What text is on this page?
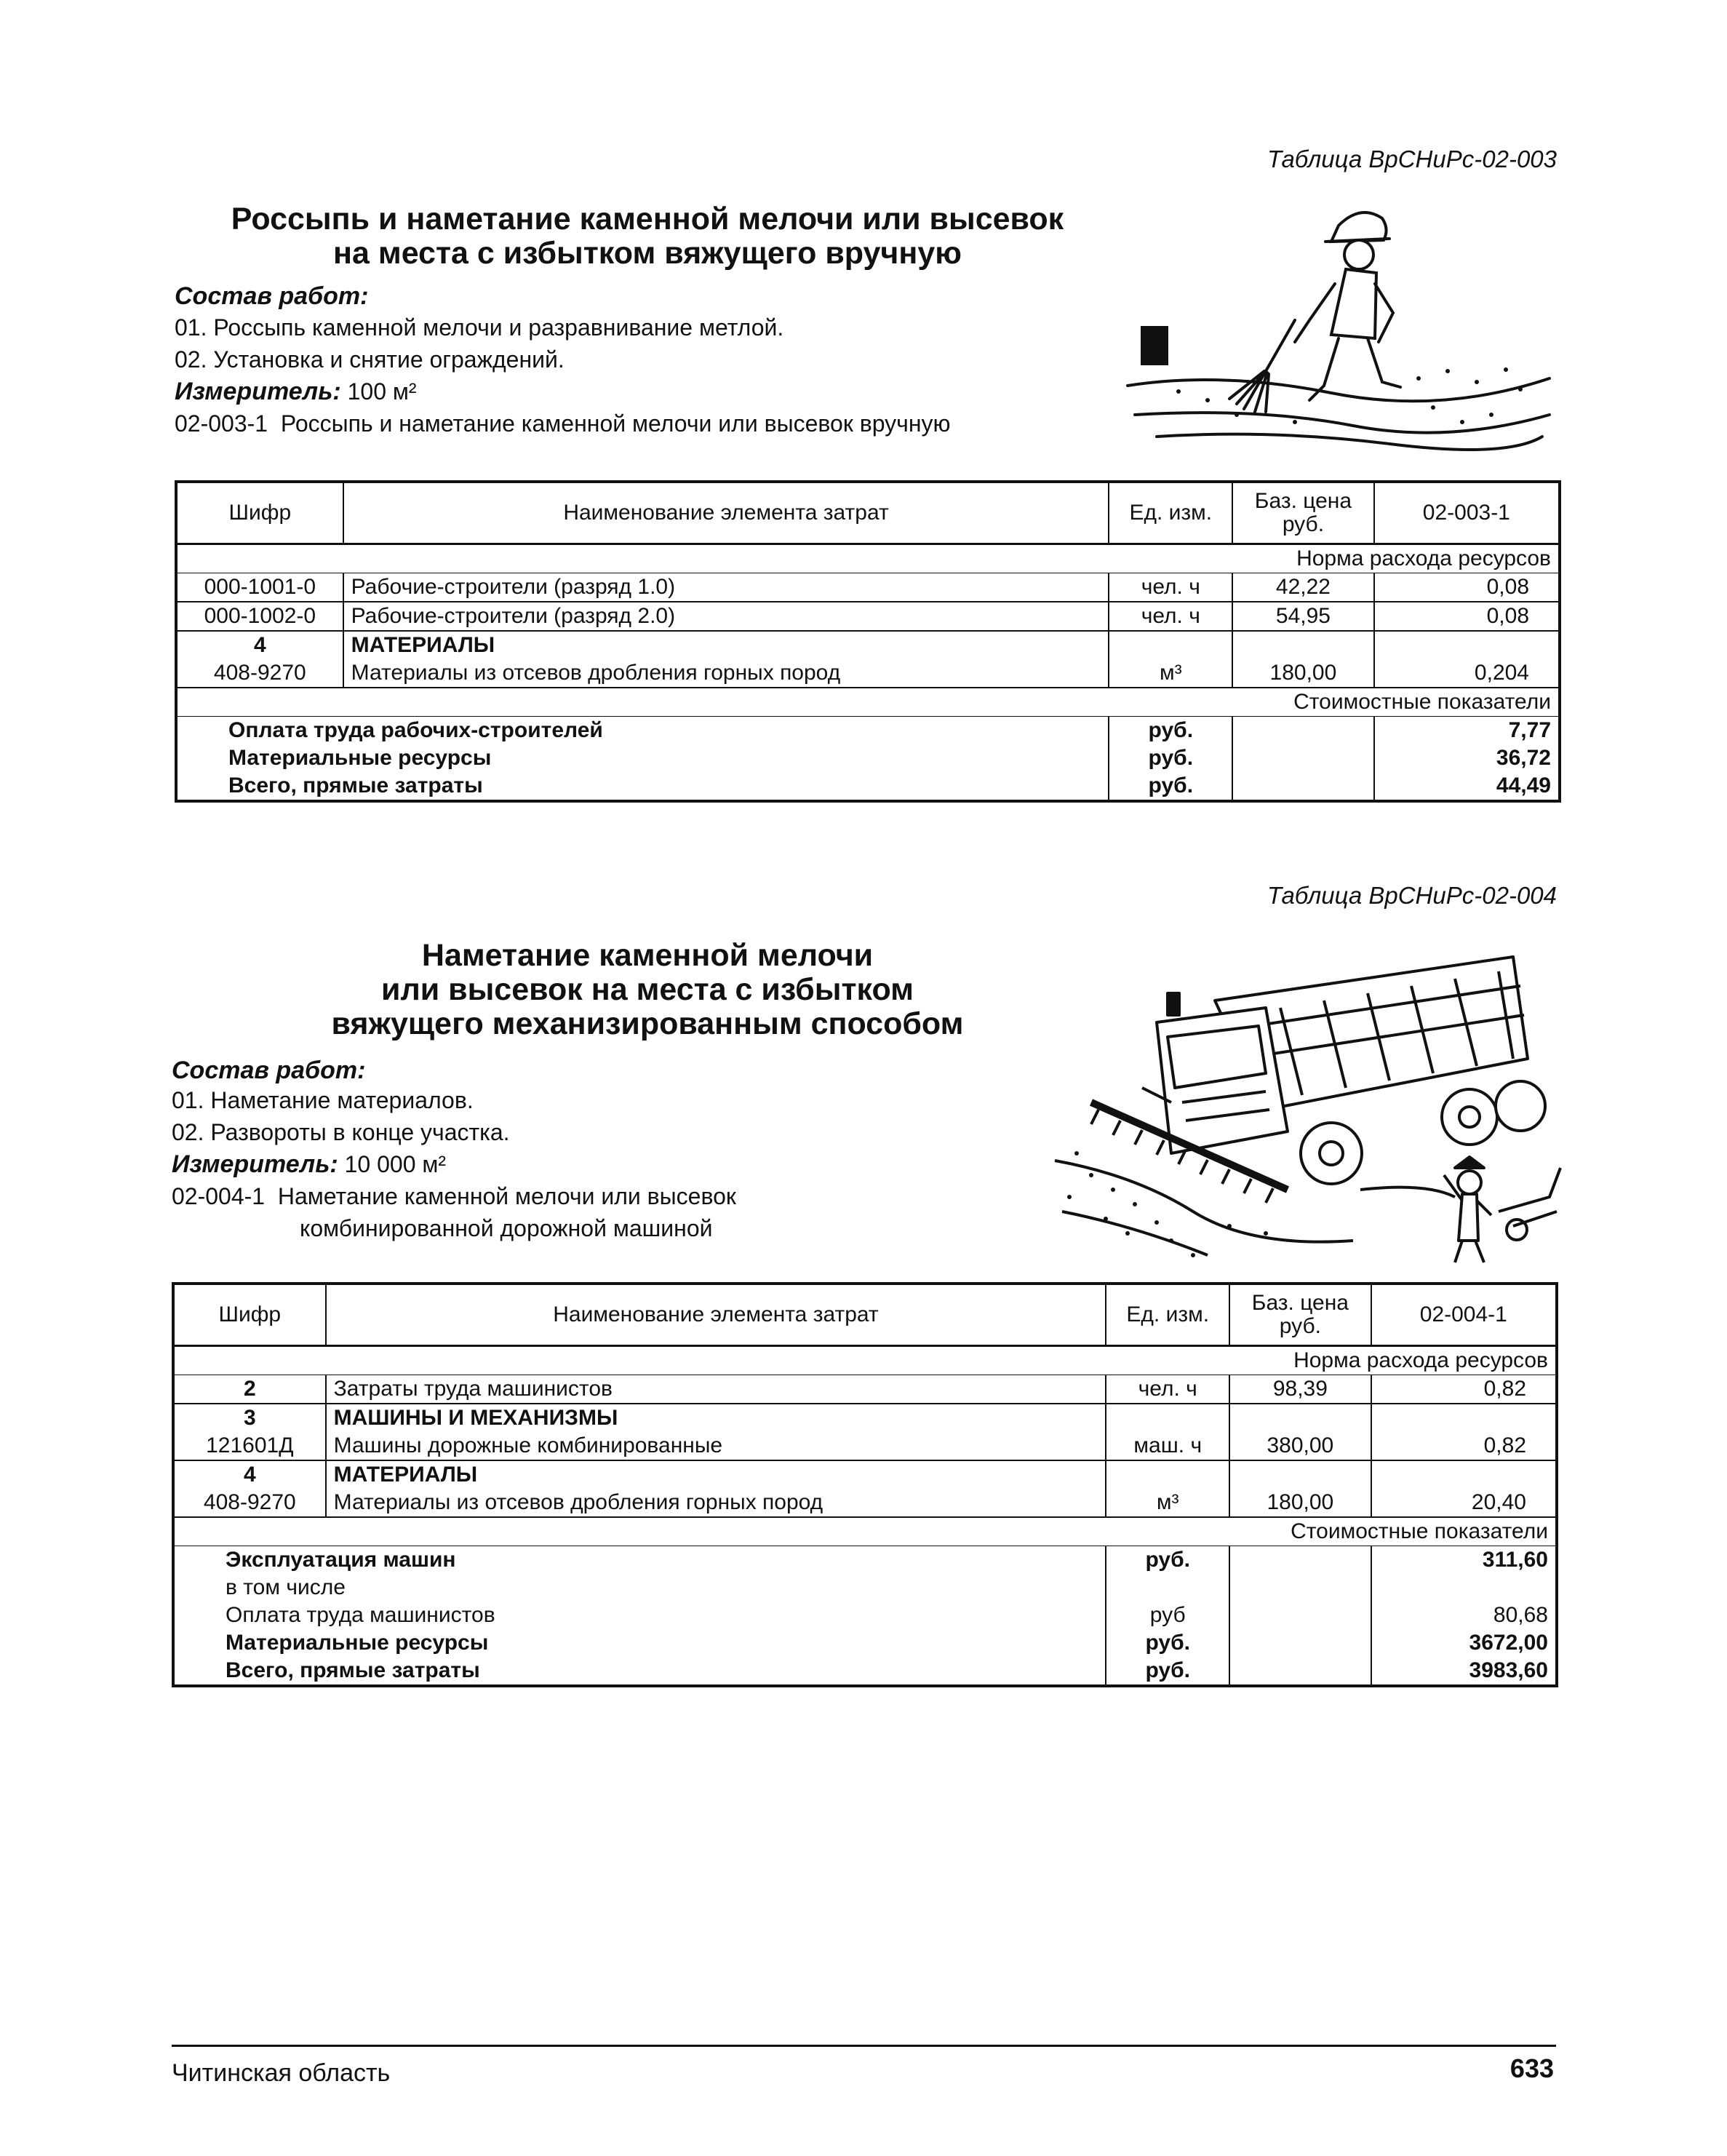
Таблица ВрСНиРс-02-003
Россыпь и наметание каменной мелочи или высевок
на места с избытком вяжущего вручную
Состав работ:
01. Россыпь каменной мелочи и разравнивание метлой.
02. Установка и снятие ограждений.
Измеритель: 100 м²
02-003-1 Россыпь и наметание каменной мелочи или высевок вручную
Шифр	Наименование элемента затрат	Ед. изм.	Баз. цена руб.	02-003-1
Норма расхода ресурсов				
000-1001-0	Рабочие-строители (разряд 1.0)	чел. ч	42,22	0,08
000-1002-0	Рабочие-строители (разряд 2.0)	чел. ч	54,95	0,08
4	МАТЕРИАЛЫ			
408-9270	Материалы из отсевов дробления горных пород	м³	180,00	0,204
Стоимостные показатели				
Оплата труда рабочих-строителей		руб.		7,77
Материальные ресурсы		руб.		36,72
Всего, прямые затраты		руб.		44,49
Таблица ВрСНиРс-02-004
Наметание каменной мелочи
или высевок на места с избытком
вяжущего механизированным способом
Состав работ:
01. Наметание материалов.
02. Развороты в конце участка.
Измеритель: 10 000 м²
02-004-1 Наметание каменной мелочи или высевок
комбинированной дорожной машиной
Шифр	Наименование элемента затрат	Ед. изм.	Баз. цена руб.	02-004-1
Норма расхода ресурсов				
2	Затраты труда машинистов	чел. ч	98,39	0,82
3	МАШИНЫ И МЕХАНИЗМЫ			
121601Д	Машины дорожные комбинированные	маш. ч	380,00	0,82
4	МАТЕРИАЛЫ			
408-9270	Материалы из отсевов дробления горных пород	м³	180,00	20,40
Стоимостные показатели				
Эксплуатация машин		руб.		311,60
в том числе				
Оплата труда машинистов		руб		80,68
Материальные ресурсы		руб.		3672,00
Всего, прямые затраты		руб.		3983,60
Читинская область	633
